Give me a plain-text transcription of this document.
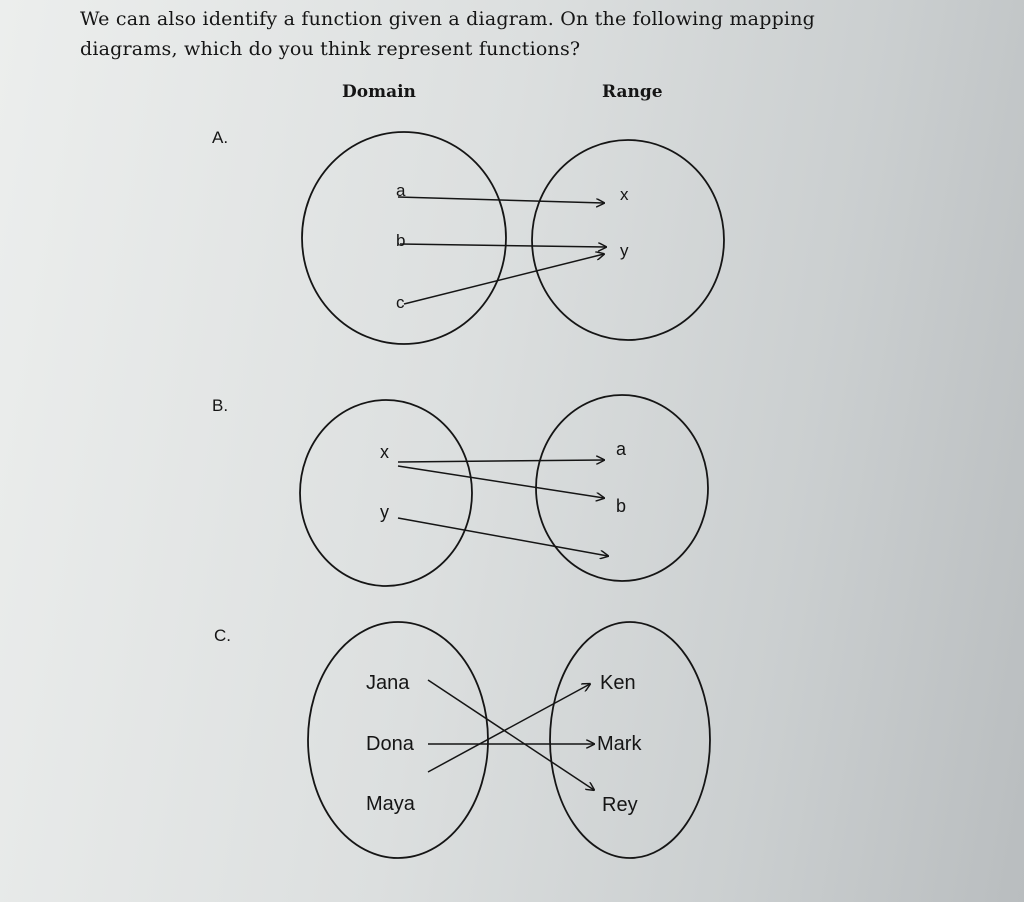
We can also identify a function given a diagram. On the following mapping
diagrams, which do you think represent functions?
Domain	Range
A.
B.
C.
a
b
c
x
y
x
y
a
b
Jana
Dona
Maya
Ken
Mark
Rey
